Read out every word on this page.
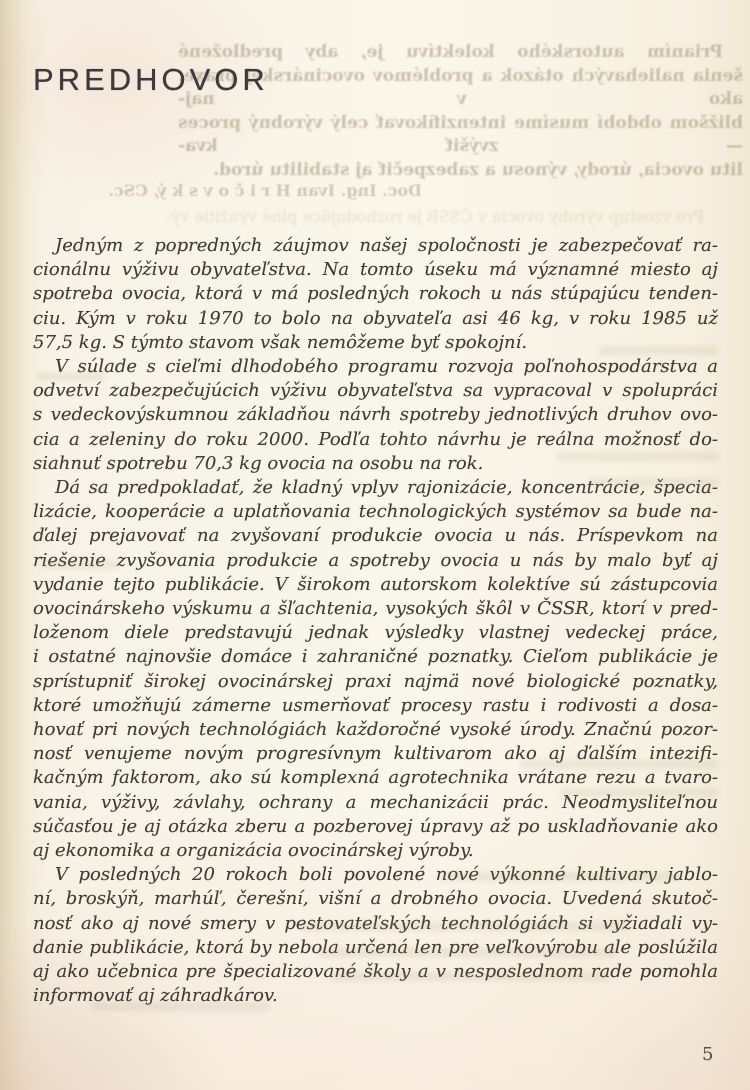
Prianím autorského kolektívu je, aby predložené
šenia naliehavých otázok a problémov ovocinárskej praxe, ako v naj-
bližšom období musíme intenzifikovať celý výrobný proces — zvýšiť kva-
litu ovocia, úrody, výnosu a zabezpečiť aj stabilitu úrod.
Doc. Ing. Ivan H r i č o v s k ý, CSc.
Pre vzostup výroby ovocia v ČSSR je rozhodujúce plné využitie vý-
PREDHOVOR
Jedným z popredných záujmov našej spoločnosti je zabezpečovať ra-
cionálnu výživu obyvateľstva. Na tomto úseku má významné miesto aj
spotreba ovocia, ktorá v má posledných rokoch u nás stúpajúcu tenden-
ciu. Kým v roku 1970 to bolo na obyvateľa asi 46 kg, v roku 1985 už
57,5 kg. S týmto stavom však nemôžeme byť spokojní.
V súlade s cieľmi dlhodobého programu rozvoja poľnohospodárstva a
odvetví zabezpečujúcich výživu obyvateľstva sa vypracoval v spolupráci
s vedeckovýskumnou základňou návrh spotreby jednotlivých druhov ovo-
cia a zeleniny do roku 2000. Podľa tohto návrhu je reálna možnosť do-
siahnuť spotrebu 70,3 kg ovocia na osobu na rok.
Dá sa predpokladať, že kladný vplyv rajonizácie, koncentrácie, špecia-
lizácie, kooperácie a uplatňovania technologických systémov sa bude na-
ďalej prejavovať na zvyšovaní produkcie ovocia u nás. Príspevkom na
riešenie zvyšovania produkcie a spotreby ovocia u nás by malo byť aj
vydanie tejto publikácie. V širokom autorskom kolektíve sú zástupcovia
ovocinárskeho výskumu a šľachtenia, vysokých škôl v ČSSR, ktorí v pred-
loženom diele predstavujú jednak výsledky vlastnej vedeckej práce,
i ostatné najnovšie domáce i zahraničné poznatky. Cieľom publikácie je
sprístupniť širokej ovocinárskej praxi najmä nové biologické poznatky,
ktoré umožňujú zámerne usmerňovať procesy rastu i rodivosti a dosa-
hovať pri nových technológiách každoročné vysoké úrody. Značnú pozor-
nosť venujeme novým progresívnym kultivarom ako aj ďalším intezifi-
kačným faktorom, ako sú komplexná agrotechnika vrátane rezu a tvaro-
vania, výživy, závlahy, ochrany a mechanizácii prác. Neodmysliteľnou
súčasťou je aj otázka zberu a pozberovej úpravy až po uskladňovanie ako
aj ekonomika a organizácia ovocinárskej výroby.
V posledných 20 rokoch boli povolené nové výkonné kultivary jablo-
ní, broskýň, marhúľ, čerešní, višní a drobného ovocia. Uvedená skutoč-
nosť ako aj nové smery v pestovateľských technológiách si vyžiadali vy-
danie publikácie, ktorá by nebola určená len pre veľkovýrobu ale poslúžila
aj ako učebnica pre špecializované školy a v nesposlednom rade pomohla
informovať aj záhradkárov.
5
